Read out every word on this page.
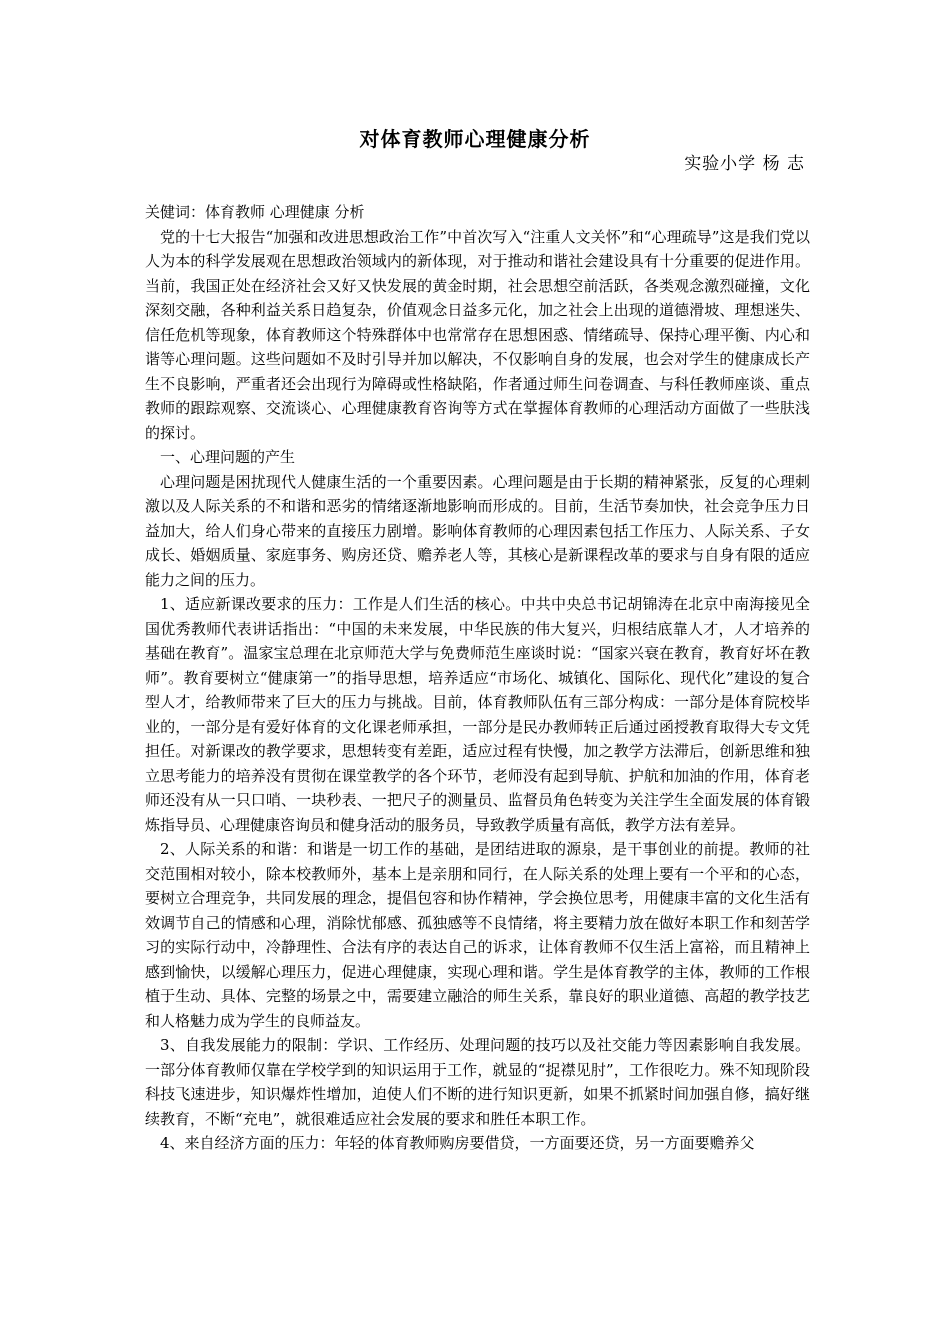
对体育教师心理健康分析
实验小学 杨 志

关健词：体育教师 心理健康 分析

党的十七大报告“加强和改进思想政治工作”中首次写入“注重人文关怀”和“心理疏导”这是我们党以人为本的科学发展观在思想政治领域内的新体现，对于推动和谐社会建设具有十分重要的促进作用。当前，我国正处在经济社会又好又快发展的黄金时期，社会思想空前活跃，各类观念激烈碰撞，文化深刻交融，各种利益关系日趋复杂，价值观念日益多元化，加之社会上出现的道德滑坡、理想迷失、信任危机等现象，体育教师这个特殊群体中也常常存在思想困惑、情绪疏导、保持心理平衡、内心和谐等心理问题。这些问题如不及时引导并加以解决，不仅影响自身的发展，也会对学生的健康成长产生不良影响，严重者还会出现行为障碍或性格缺陷，作者通过师生问卷调查、与科任教师座谈、重点教师的跟踪观察、交流谈心、心理健康教育咨询等方式在掌握体育教师的心理活动方面做了一些肤浅的探讨。

一、心理问题的产生

心理问题是困扰现代人健康生活的一个重要因素。心理问题是由于长期的精神紧张，反复的心理刺激以及人际关系的不和谐和恶劣的情绪逐渐地影响而形成的。目前，生活节奏加快，社会竞争压力日益加大，给人们身心带来的直接压力剧增。影响体育教师的心理因素包括工作压力、人际关系、子女成长、婚姻质量、家庭事务、购房还贷、赡养老人等，其核心是新课程改革的要求与自身有限的适应能力之间的压力。

1、适应新课改要求的压力：工作是人们生活的核心。中共中央总书记胡锦涛在北京中南海接见全国优秀教师代表讲话指出：“中国的未来发展，中华民族的伟大复兴，归根结底靠人才，人才培养的基础在教育”。温家宝总理在北京师范大学与免费师范生座谈时说：“国家兴衰在教育，教育好坏在教师”。教育要树立“健康第一”的指导思想，培养适应“市场化、城镇化、国际化、现代化”建设的复合型人才，给教师带来了巨大的压力与挑战。目前，体育教师队伍有三部分构成：一部分是体育院校毕业的，一部分是有爱好体育的文化课老师承担，一部分是民办教师转正后通过函授教育取得大专文凭担任。对新课改的教学要求，思想转变有差距，适应过程有快慢，加之教学方法滞后，创新思维和独立思考能力的培养没有贯彻在课堂教学的各个环节，老师没有起到导航、护航和加油的作用，体育老师还没有从一只口哨、一块秒表、一把尺子的测量员、监督员角色转变为关注学生全面发展的体育锻炼指导员、心理健康咨询员和健身活动的服务员，导致教学质量有高低，教学方法有差异。

2、人际关系的和谐：和谐是一切工作的基础，是团结进取的源泉，是干事创业的前提。教师的社交范围相对较小，除本校教师外，基本上是亲朋和同行，在人际关系的处理上要有一个平和的心态，要树立合理竞争，共同发展的理念，提倡包容和协作精神，学会换位思考，用健康丰富的文化生活有效调节自己的情感和心理，消除忧郁感、孤独感等不良情绪，将主要精力放在做好本职工作和刻苦学习的实际行动中，冷静理性、合法有序的表达自己的诉求，让体育教师不仅生活上富裕，而且精神上感到愉快，以缓解心理压力，促进心理健康，实现心理和谐。学生是体育教学的主体，教师的工作根植于生动、具体、完整的场景之中，需要建立融洽的师生关系，靠良好的职业道德、高超的教学技艺和人格魅力成为学生的良师益友。

3、自我发展能力的限制：学识、工作经历、处理问题的技巧以及社交能力等因素影响自我发展。一部分体育教师仅靠在学校学到的知识运用于工作，就显的“捉襟见肘”，工作很吃力。殊不知现阶段科技飞速进步，知识爆炸性增加，迫使人们不断的进行知识更新，如果不抓紧时间加强自修，搞好继续教育，不断“充电”，就很难适应社会发展的要求和胜任本职工作。

4、来自经济方面的压力：年轻的体育教师购房要借贷，一方面要还贷，另一方面要赡养父
